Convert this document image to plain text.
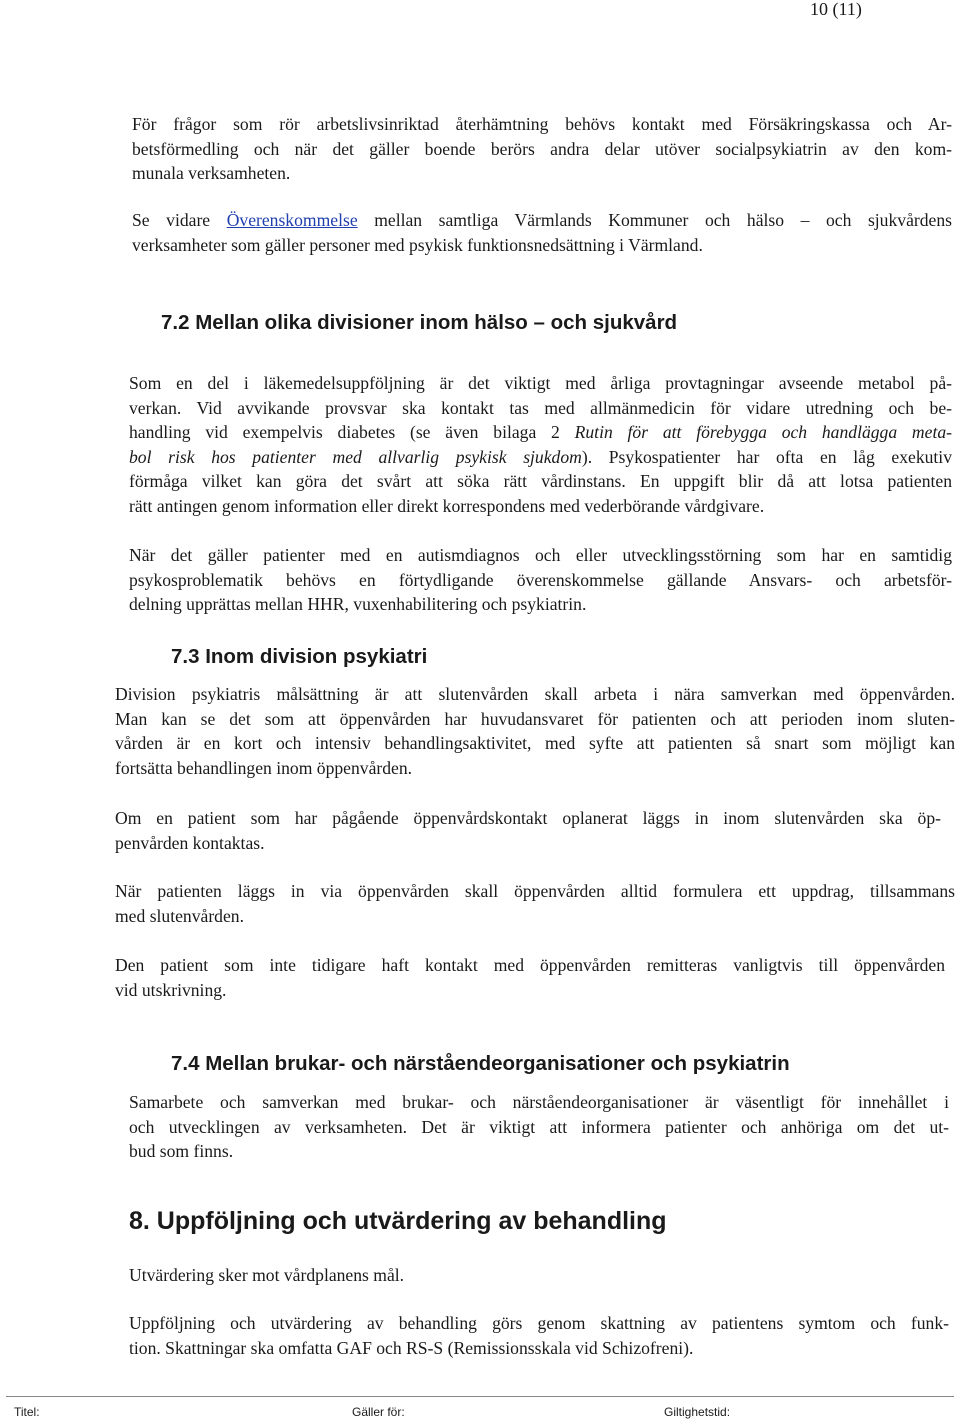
10 (11)
För frågor som rör arbetslivsinriktad återhämtning behövs kontakt med Försäkringskassa och Ar-
betsförmedling och när det gäller boende berörs andra delar utöver socialpsykiatrin av den kom-
munala verksamheten.
Se vidare Överenskommelse mellan samtliga Värmlands Kommuner och hälso – och sjukvårdens
verksamheter som gäller personer med psykisk funktionsnedsättning i Värmland.
7.2 Mellan olika divisioner inom hälso – och sjukvård
Som en del i läkemedelsuppföljning är det viktigt med årliga provtagningar avseende metabol på-
verkan. Vid avvikande provsvar ska kontakt tas med allmänmedicin för vidare utredning och be-
handling vid exempelvis diabetes (se även bilaga 2 Rutin för att förebygga och handlägga meta-
bol risk hos patienter med allvarlig psykisk sjukdom). Psykospatienter har ofta en låg exekutiv
förmåga vilket kan göra det svårt att söka rätt vårdinstans. En uppgift blir då att lotsa patienten
rätt antingen genom information eller direkt korrespondens med vederbörande vårdgivare.
När det gäller patienter med en autismdiagnos och eller utvecklingsstörning som har en samtidig
psykosproblematik behövs en förtydligande överenskommelse gällande Ansvars- och arbetsför-
delning upprättas mellan HHR, vuxenhabilitering och psykiatrin.
7.3 Inom division psykiatri
Division psykiatris målsättning är att slutenvården skall arbeta i nära samverkan med öppenvården.
Man kan se det som att öppenvården har huvudansvaret för patienten och att perioden inom sluten-
vården är en kort och intensiv behandlingsaktivitet, med syfte att patienten så snart som möjligt kan
fortsätta behandlingen inom öppenvården.
Om en patient som har pågående öppenvårdskontakt oplanerat läggs in inom slutenvården ska öp-
penvården kontaktas.
När patienten läggs in via öppenvården skall öppenvården alltid formulera ett uppdrag, tillsammans
med slutenvården.
Den patient som inte tidigare haft kontakt med öppenvården remitteras vanligtvis till öppenvården
vid utskrivning.
7.4 Mellan brukar- och närståendeorganisationer och psykiatrin
Samarbete och samverkan med brukar- och närståendeorganisationer är väsentligt för innehållet i
och utvecklingen av verksamheten. Det är viktigt att informera patienter och anhöriga om det ut-
bud som finns.
8. Uppföljning och utvärdering av behandling
Utvärdering sker mot vårdplanens mål.
Uppföljning och utvärdering av behandling görs genom skattning av patientens symtom och funk-
tion. Skattningar ska omfatta GAF och RS-S (Remissionsskala vid Schizofreni).
Titel:	Gäller för:	Giltighetstid:
